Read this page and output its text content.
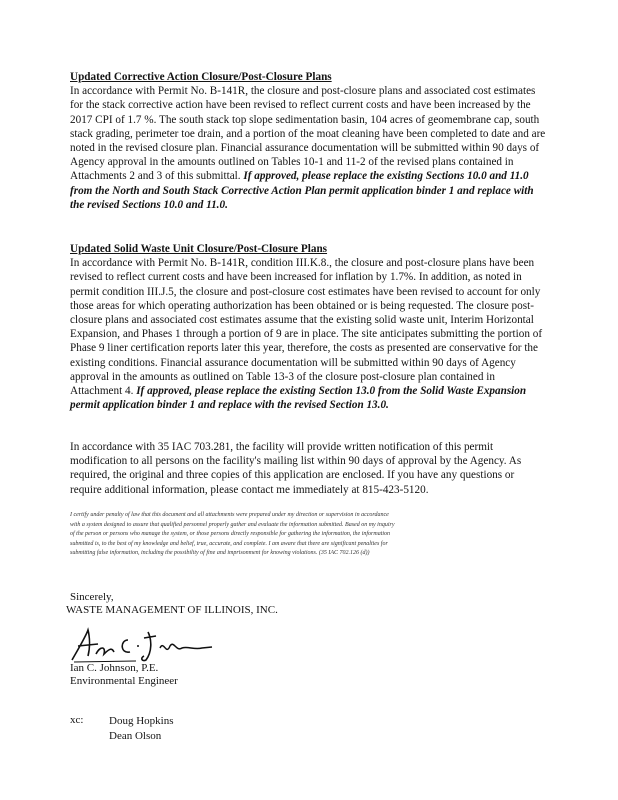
Updated Corrective Action Closure/Post-Closure Plans

In accordance with Permit No. B-141R, the closure and post-closure plans and associated cost estimates for the stack corrective action have been revised to reflect current costs and have been increased by the 2017 CPI of 1.7 %. The south stack top slope sedimentation basin, 104 acres of geomembrane cap, south stack grading, perimeter toe drain, and a portion of the moat cleaning have been completed to date and are noted in the revised closure plan. Financial assurance documentation will be submitted within 90 days of Agency approval in the amounts outlined on Tables 10-1 and 11-2 of the revised plans contained in Attachments 2 and 3 of this submittal. If approved, please replace the existing Sections 10.0 and 11.0 from the North and South Stack Corrective Action Plan permit application binder 1 and replace with the revised Sections 10.0 and 11.0.

Updated Solid Waste Unit Closure/Post-Closure Plans

In accordance with Permit No. B-141R, condition III.K.8., the closure and post-closure plans have been revised to reflect current costs and have been increased for inflation by 1.7%. In addition, as noted in permit condition III.J.5, the closure and post-closure cost estimates have been revised to account for only those areas for which operating authorization has been obtained or is being requested. The closure post-closure plans and associated cost estimates assume that the existing solid waste unit, Interim Horizontal Expansion, and Phases 1 through a portion of 9 are in place. The site anticipates submitting the portion of Phase 9 liner certification reports later this year, therefore, the costs as presented are conservative for the existing conditions. Financial assurance documentation will be submitted within 90 days of Agency approval in the amounts as outlined on Table 13-3 of the closure post-closure plan contained in Attachment 4. If approved, please replace the existing Section 13.0 from the Solid Waste Expansion permit application binder 1 and replace with the revised Section 13.0.

In accordance with 35 IAC 703.281, the facility will provide written notification of this permit modification to all persons on the facility's mailing list within 90 days of approval by the Agency. As required, the original and three copies of this application are enclosed. If you have any questions or require additional information, please contact me immediately at 815-423-5120.

I certify under penalty of law that this document and all attachments were prepared under my direction or supervision in accordance
with a system designed to assure that qualified personnel properly gather and evaluate the information submitted. Based on my inquiry
of the person or persons who manage the system, or those persons directly responsible for gathering the information, the information
submitted is, to the best of my knowledge and belief, true, accurate, and complete. I am aware that there are significant penalties for
submitting false information, including the possibility of fine and imprisonment for knowing violations. (35 IAC 702.126 (d))
Sincerely,
WASTE MANAGEMENT OF ILLINOIS, INC.
Ian C. Johnson, P.E.
Environmental Engineer
xc: Doug Hopkins
Dean Olson
